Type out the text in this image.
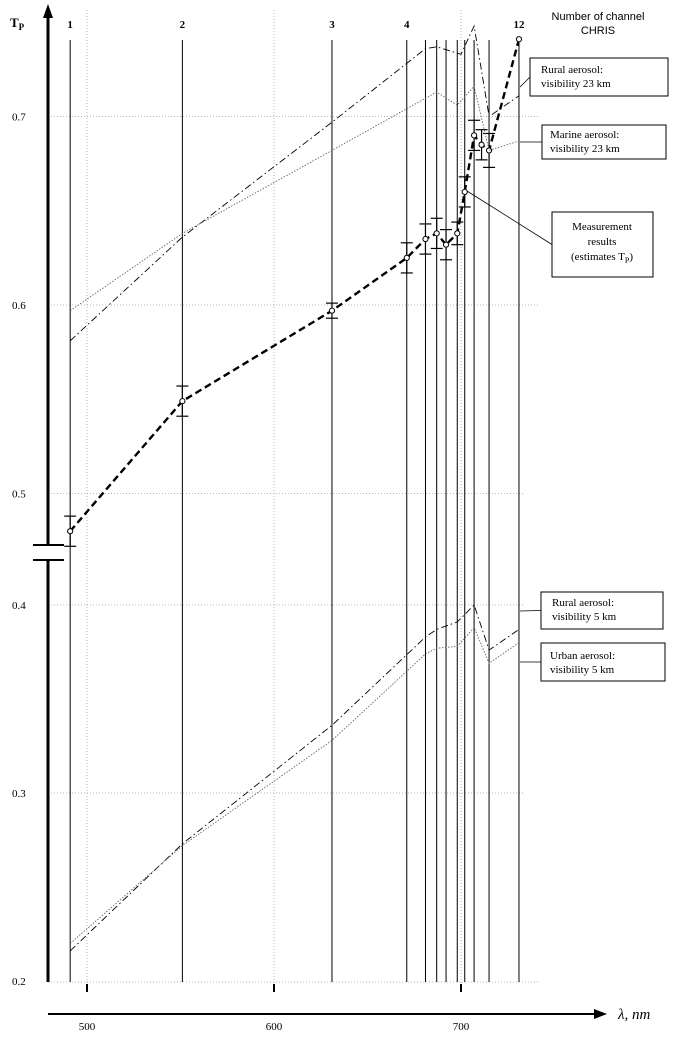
1	2	3	4	12
$T_P$
λ, nm
Number of channel
CHRIS
0.2
0.3
0.4
0.5
0.6
0.7
500	600	700
Rural aerosol:
visibility 23 km
Marine aerosol:
visibility 23 km
Measurement
results
(estimates $T_P$)
Rural aerosol:
visibility 5 km
Urban aerosol:
visibility 5 km
